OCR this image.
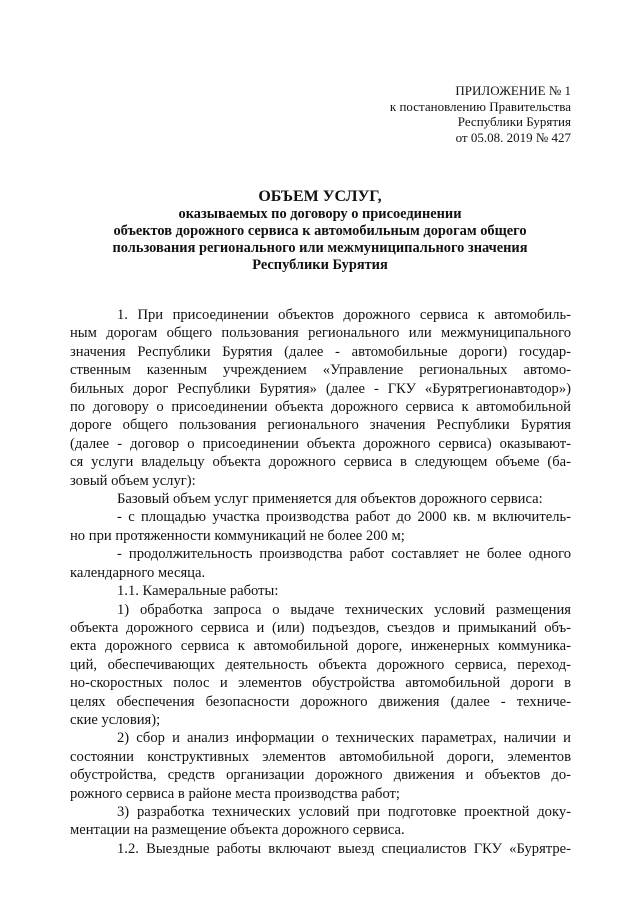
ПРИЛОЖЕНИЕ № 1
к постановлению Правительства
Республики Бурятия
от 05.08. 2019 № 427
ОБЪЕМ УСЛУГ,
оказываемых по договору о присоединении
объектов дорожного сервиса к автомобильным дорогам общего
пользования регионального или межмуниципального значения
Республики Бурятия
1. При присоединении объектов дорожного сервиса к автомобиль-
ным дорогам общего пользования регионального или межмуниципального
значения Республики Бурятия (далее - автомобильные дороги) государ-
ственным казенным учреждением «Управление региональных автомо-
бильных дорог Республики Бурятия» (далее - ГКУ «Бурятрегионавтодор»)
по договору о присоединении объекта дорожного сервиса к автомобильной
дороге общего пользования регионального значения Республики Бурятия
(далее - договор о присоединении объекта дорожного сервиса) оказывают-
ся услуги владельцу объекта дорожного сервиса в следующем объеме (ба-
зовый объем услуг):
Базовый объем услуг применяется для объектов дорожного сервиса:
- с площадью участка производства работ до 2000 кв. м включитель-
но при протяженности коммуникаций не более 200 м;
- продолжительность производства работ составляет не более одного
календарного месяца.
1.1. Камеральные работы:
1) обработка запроса о выдаче технических условий размещения
объекта дорожного сервиса и (или) подъездов, съездов и примыканий объ-
екта дорожного сервиса к автомобильной дороге, инженерных коммуника-
ций, обеспечивающих деятельность объекта дорожного сервиса, переход-
но-скоростных полос и элементов обустройства автомобильной дороги в
целях обеспечения безопасности дорожного движения (далее - техниче-
ские условия);
2) сбор и анализ информации о технических параметрах, наличии и
состоянии конструктивных элементов автомобильной дороги, элементов
обустройства, средств организации дорожного движения и объектов до-
рожного сервиса в районе места производства работ;
3) разработка технических условий при подготовке проектной доку-
ментации на размещение объекта дорожного сервиса.
1.2. Выездные работы включают выезд специалистов ГКУ «Бурятре-
